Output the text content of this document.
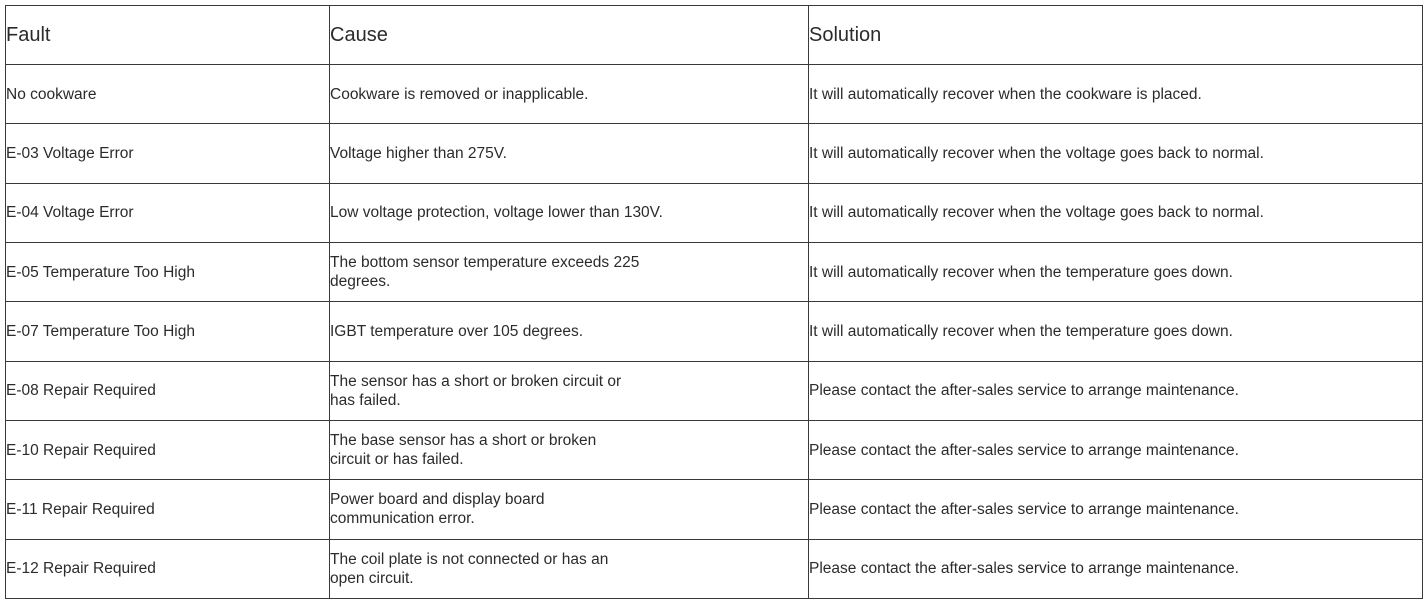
Fault	Cause	Solution
No cookware	Cookware is removed or inapplicable.	It will automatically recover when the cookware is placed.
E-03 Voltage Error	Voltage higher than 275V.	It will automatically recover when the voltage goes back to normal.
E-04 Voltage Error	Low voltage protection, voltage lower than 130V.	It will automatically recover when the voltage goes back to normal.
E-05 Temperature Too High	The bottom sensor temperature exceeds 225 degrees.	It will automatically recover when the temperature goes down.
E-07 Temperature Too High	IGBT temperature over 105 degrees.	It will automatically recover when the temperature goes down.
E-08 Repair Required	The sensor has a short or broken circuit or has failed.	Please contact the after-sales service to arrange maintenance.
E-10 Repair Required	The base sensor has a short or broken circuit or has failed.	Please contact the after-sales service to arrange maintenance.
E-11 Repair Required	Power board and display board communication error.	Please contact the after-sales service to arrange maintenance.
E-12 Repair Required	The coil plate is not connected or has an open circuit.	Please contact the after-sales service to arrange maintenance.
